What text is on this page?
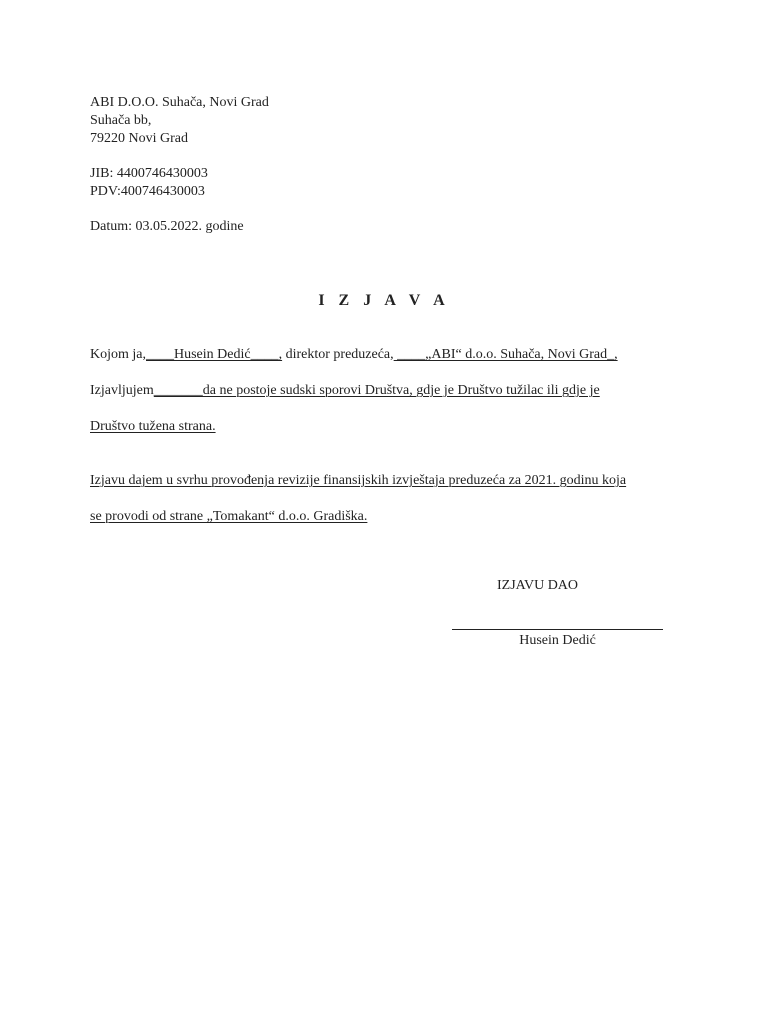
ABI D.O.O. Suhača, Novi Grad
Suhača bb,
79220 Novi Grad
JIB: 4400746430003
PDV:400746430003
Datum: 03.05.2022. godine
I Z J A V A
Kojom ja,____Husein Dedić____, direktor preduzeća, ____„ABI“ d.o.o. Suhača, Novi Grad_,
Izjavljujem_______da ne postoje sudski sporovi Društva, gdje je Društvo tužilac ili gdje je
Društvo tužena strana.
Izjavu dajem u svrhu provođenja revizije finansijskih izvještaja preduzeća za 2021. godinu koja
se provodi od strane „Tomakant“ d.o.o. Gradiška.
IZJAVU DAO
Husein Dedić
